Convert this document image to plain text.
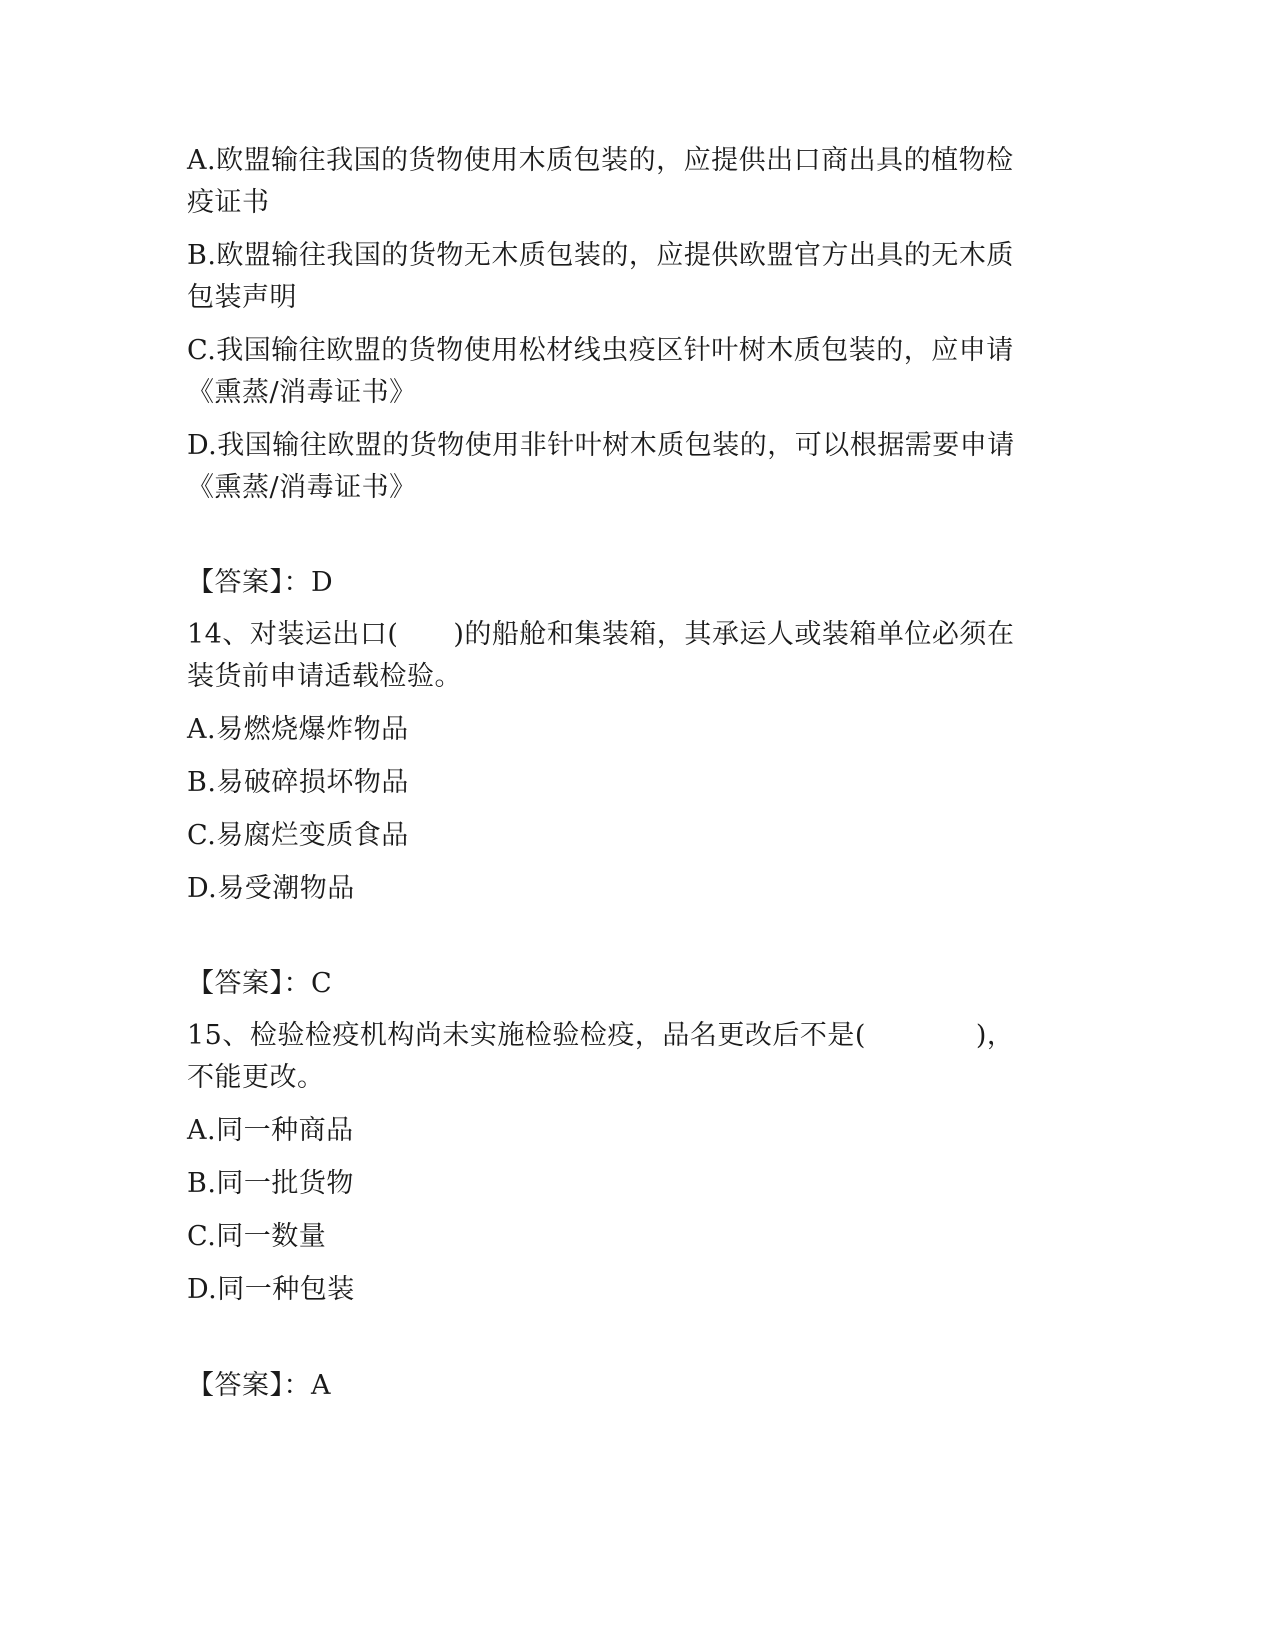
A.欧盟输往我国的货物使用木质包装的，应提供出口商出具的植物检
疫证书
B.欧盟输往我国的货物无木质包装的，应提供欧盟官方出具的无木质
包装声明
C.我国输往欧盟的货物使用松材线虫疫区针叶树木质包装的，应申请
《熏蒸/消毒证书》
D.我国输往欧盟的货物使用非针叶树木质包装的，可以根据需要申请
《熏蒸/消毒证书》
【答案】：D
14、对装运出口(　　)的船舱和集装箱，其承运人或装箱单位必须在
装货前申请适载检验。
A.易燃烧爆炸物品
B.易破碎损坏物品
C.易腐烂变质食品
D.易受潮物品
【答案】：C
15、检验检疫机构尚未实施检验检疫，品名更改后不是(　　　　)，
不能更改。
A.同一种商品
B.同一批货物
C.同一数量
D.同一种包装
【答案】：A
